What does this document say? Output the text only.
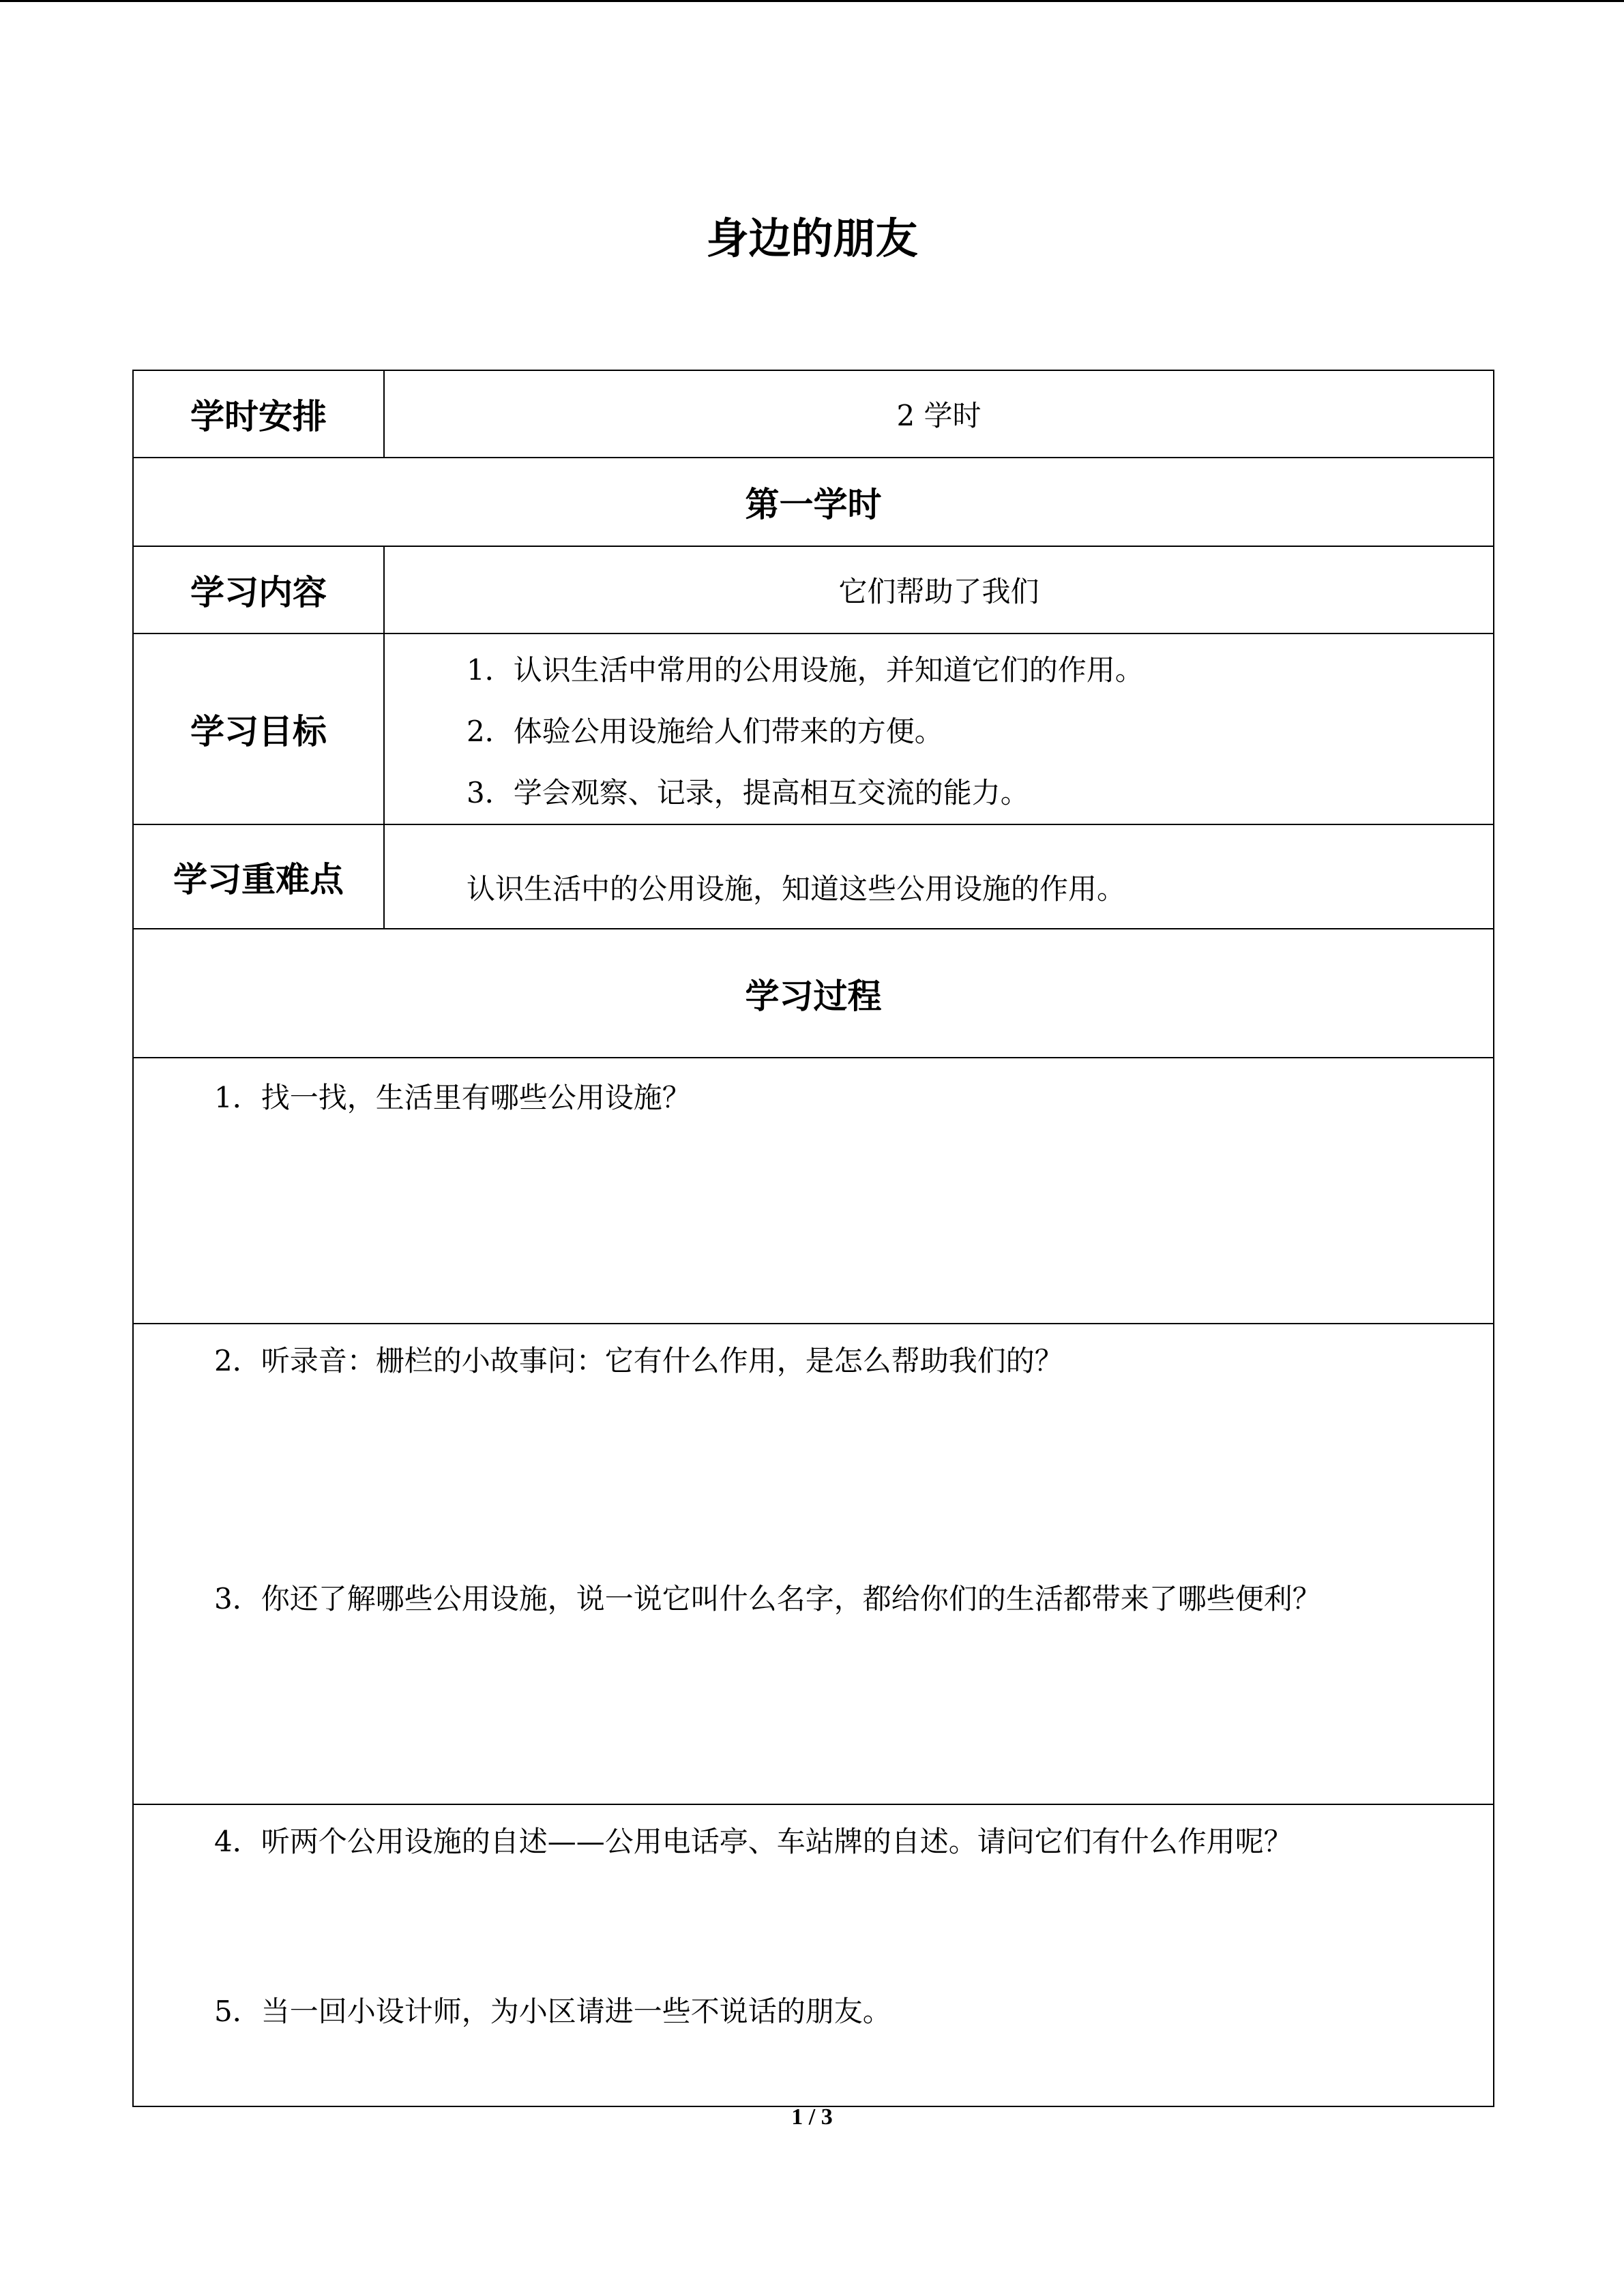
身边的朋友
学时安排	2 学时
第一学时	
学习内容	它们帮助了我们
学习目标	1．认识生活中常用的公用设施，并知道它们的作用。
2．体验公用设施给人们带来的方便。
3．学会观察、记录，提高相互交流的能力。

学习重难点	认识生活中的公用设施，知道这些公用设施的作用。
学习过程	

1．找一找，生活里有哪些公用设施？	

2．听录音：栅栏的小故事问：它有什么作用，是怎么帮助我们的？
3．你还了解哪些公用设施，说一说它叫什么名字，都给你们的生活都带来了哪些便利？	

4．听两个公用设施的自述——公用电话亭、车站牌的自述。请问它们有什么作用呢？
5．当一回小设计师，为小区请进一些不说话的朋友。	
1 / 3
